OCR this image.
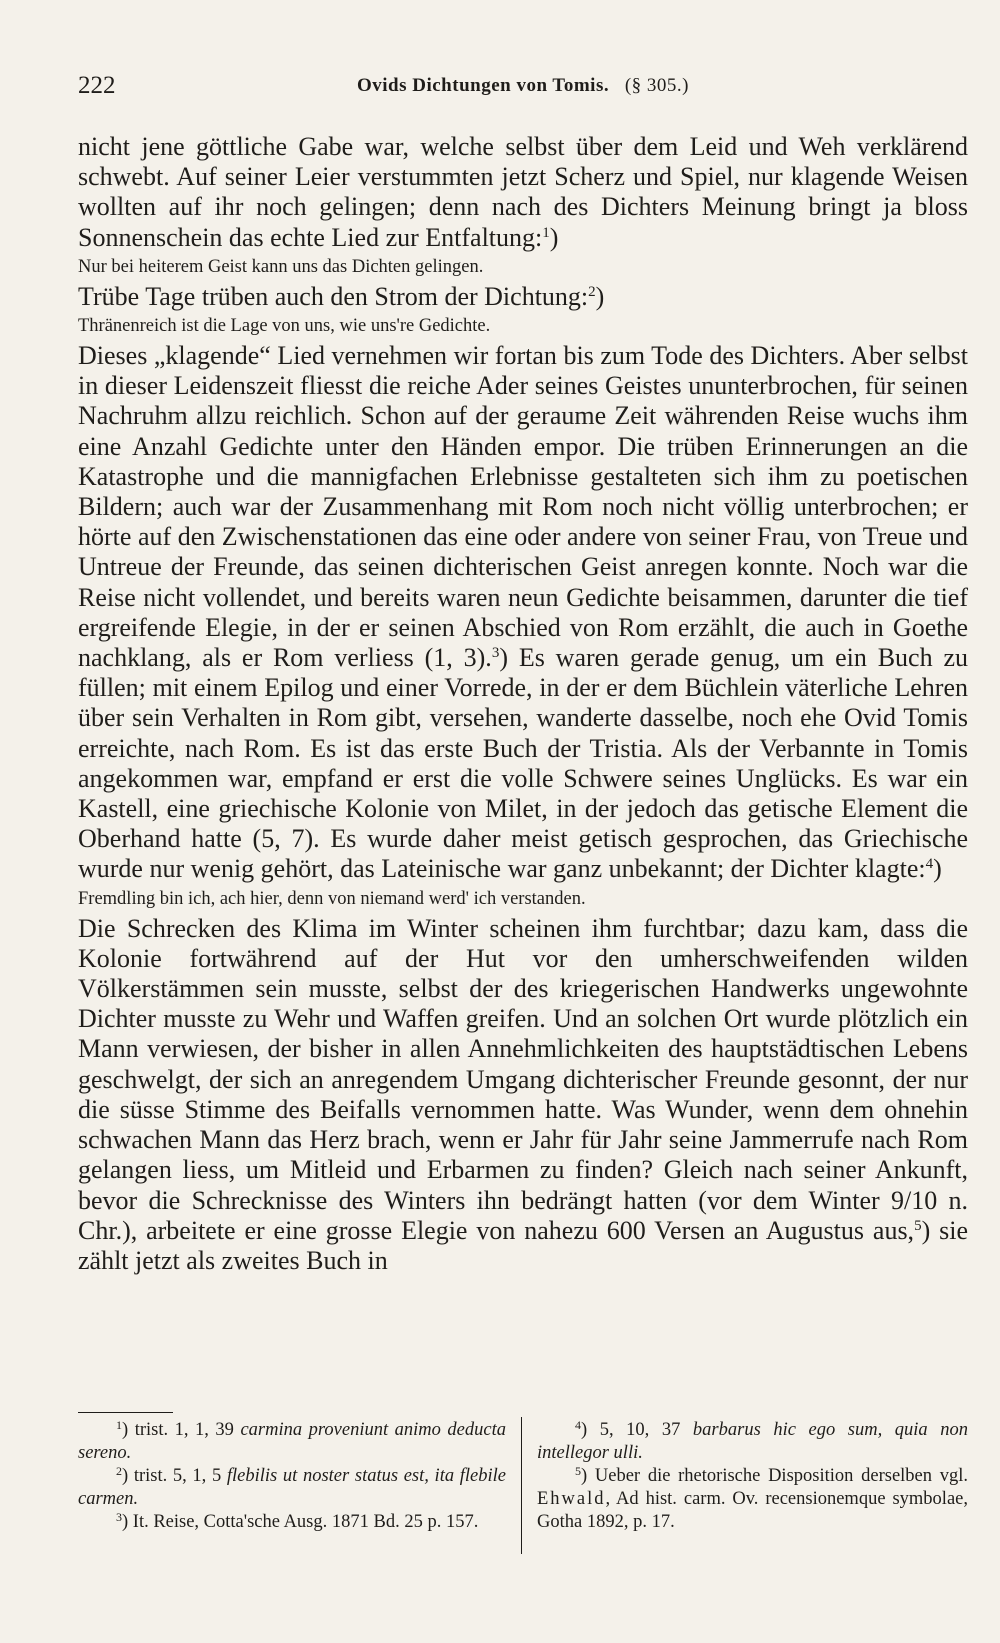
222	Ovids Dichtungen von Tomis. (§ 305.)

nicht jene göttliche Gabe war, welche selbst über dem Leid und Weh verklärend schwebt. Auf seiner Leier verstummten jetzt Scherz und Spiel, nur klagende Weisen wollten auf ihr noch gelingen; denn nach des Dichters Meinung bringt ja bloss Sonnenschein das echte Lied zur Entfaltung:$^1$)

Nur bei heiterem Geist kann uns das Dichten gelingen.

Trübe Tage trüben auch den Strom der Dichtung:$^2$)

Thränenreich ist die Lage von uns, wie uns're Gedichte.

Dieses „klagende“ Lied vernehmen wir fortan bis zum Tode des Dichters. Aber selbst in dieser Leidenszeit fliesst die reiche Ader seines Geistes ununterbrochen, für seinen Nachruhm allzu reichlich. Schon auf der geraume Zeit währenden Reise wuchs ihm eine Anzahl Gedichte unter den Händen empor. Die trüben Erinnerungen an die Katastrophe und die mannigfachen Erlebnisse gestalteten sich ihm zu poetischen Bildern; auch war der Zusammenhang mit Rom noch nicht völlig unterbrochen; er hörte auf den Zwischenstationen das eine oder andere von seiner Frau, von Treue und Untreue der Freunde, das seinen dichterischen Geist anregen konnte. Noch war die Reise nicht vollendet, und bereits waren neun Gedichte beisammen, darunter die tief ergreifende Elegie, in der er seinen Abschied von Rom erzählt, die auch in Goethe nachklang, als er Rom verliess (1, 3).$^3$) Es waren gerade genug, um ein Buch zu füllen; mit einem Epilog und einer Vorrede, in der er dem Büchlein väterliche Lehren über sein Verhalten in Rom gibt, versehen, wanderte dasselbe, noch ehe Ovid Tomis erreichte, nach Rom. Es ist das erste Buch der Tristia. Als der Verbannte in Tomis angekommen war, empfand er erst die volle Schwere seines Unglücks. Es war ein Kastell, eine griechische Kolonie von Milet, in der jedoch das getische Element die Oberhand hatte (5, 7). Es wurde daher meist getisch gesprochen, das Griechische wurde nur wenig gehört, das Lateinische war ganz unbekannt; der Dichter klagte:$^4$)

Fremdling bin ich, ach hier, denn von niemand werd' ich verstanden.

Die Schrecken des Klima im Winter scheinen ihm furchtbar; dazu kam, dass die Kolonie fortwährend auf der Hut vor den umherschweifenden wilden Völkerstämmen sein musste, selbst der des kriegerischen Handwerks ungewohnte Dichter musste zu Wehr und Waffen greifen. Und an solchen Ort wurde plötzlich ein Mann verwiesen, der bisher in allen Annehmlichkeiten des hauptstädtischen Lebens geschwelgt, der sich an anregendem Umgang dichterischer Freunde gesonnt, der nur die süsse Stimme des Beifalls vernommen hatte. Was Wunder, wenn dem ohnehin schwachen Mann das Herz brach, wenn er Jahr für Jahr seine Jammerrufe nach Rom gelangen liess, um Mitleid und Erbarmen zu finden? Gleich nach seiner Ankunft, bevor die Schrecknisse des Winters ihn bedrängt hatten (vor dem Winter 9/10 n. Chr.), arbeitete er eine grosse Elegie von nahezu 600 Versen an Augustus aus,$^5$) sie zählt jetzt als zweites Buch in

$^1$) trist. 1, 1, 39 carmina proveniunt animo deducta sereno.

$^2$) trist. 5, 1, 5 flebilis ut noster status est, ita flebile carmen.

$^3$) It. Reise, Cotta'sche Ausg. 1871 Bd. 25 p. 157.

$^4$) 5, 10, 37 barbarus hic ego sum, quia non intellegor ulli.

$^5$) Ueber die rhetorische Disposition derselben vgl. Ehwald, Ad hist. carm. Ov. recensionemque symbolae, Gotha 1892, p. 17.
